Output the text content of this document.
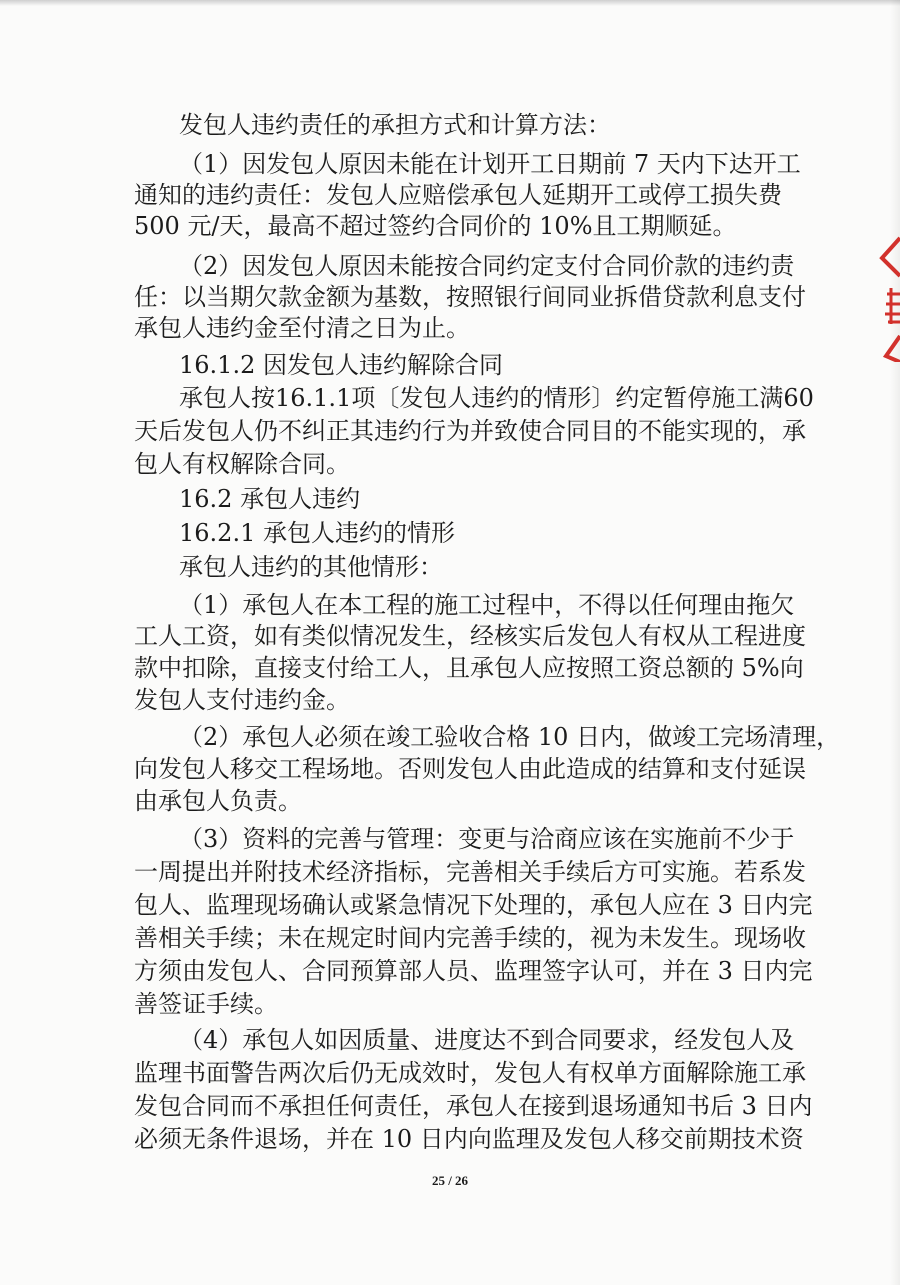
发包人违约责任的承担方式和计算方法：
（1）因发包人原因未能在计划开工日期前 7 天内下达开工
通知的违约责任：发包人应赔偿承包人延期开工或停工损失费
500 元/天，最高不超过签约合同价的 10%且工期顺延。
（2）因发包人原因未能按合同约定支付合同价款的违约责
任：以当期欠款金额为基数，按照银行间同业拆借贷款利息支付
承包人违约金至付清之日为止。
16.1.2 因发包人违约解除合同
承包人按16.1.1项〔发包人违约的情形〕约定暂停施工满60
天后发包人仍不纠正其违约行为并致使合同目的不能实现的，承
包人有权解除合同。
16.2 承包人违约
16.2.1 承包人违约的情形
承包人违约的其他情形：
（1）承包人在本工程的施工过程中，不得以任何理由拖欠
工人工资，如有类似情况发生，经核实后发包人有权从工程进度
款中扣除，直接支付给工人，且承包人应按照工资总额的 5%向
发包人支付违约金。
（2）承包人必须在竣工验收合格 10 日内，做竣工完场清理，
向发包人移交工程场地。否则发包人由此造成的结算和支付延误
由承包人负责。
（3）资料的完善与管理：变更与洽商应该在实施前不少于
一周提出并附技术经济指标，完善相关手续后方可实施。若系发
包人、监理现场确认或紧急情况下处理的，承包人应在 3 日内完
善相关手续；未在规定时间内完善手续的，视为未发生。现场收
方须由发包人、合同预算部人员、监理签字认可，并在 3 日内完
善签证手续。
（4）承包人如因质量、进度达不到合同要求，经发包人及
监理书面警告两次后仍无成效时，发包人有权单方面解除施工承
发包合同而不承担任何责任，承包人在接到退场通知书后 3 日内
必须无条件退场，并在 10 日内向监理及发包人移交前期技术资
25 / 26
